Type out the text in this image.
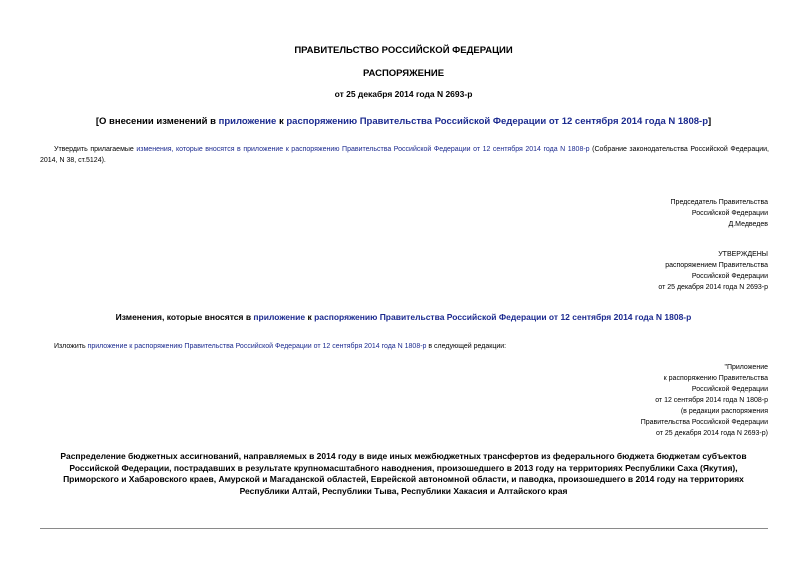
ПРАВИТЕЛЬСТВО РОССИЙСКОЙ ФЕДЕРАЦИИ
РАСПОРЯЖЕНИЕ
от 25 декабря 2014 года N 2693-р
[О внесении изменений в приложение к распоряжению Правительства Российской Федерации от 12 сентября 2014 года N 1808-р]
Утвердить прилагаемые изменения, которые вносятся в приложение к распоряжению Правительства Российской Федерации от 12 сентября 2014 года N 1808-р (Собрание законодательства Российской Федерации, 2014, N 38, ст.5124).
Председатель Правительства
Российской Федерации
Д.Медведев
УТВЕРЖДЕНЫ
распоряжением Правительства
Российской Федерации
от 25 декабря 2014 года N 2693-р
Изменения, которые вносятся в приложение к распоряжению Правительства Российской Федерации от 12 сентября 2014 года N 1808-р
Изложить приложение к распоряжению Правительства Российской Федерации от 12 сентября 2014 года N 1808-р в следующей редакции:
"Приложение
к распоряжению Правительства
Российской Федерации
от 12 сентября 2014 года N 1808-р
(в редакции распоряжения
Правительства Российской Федерации
от 25 декабря 2014 года N 2693-р)
Распределение бюджетных ассигнований, направляемых в 2014 году в виде иных межбюджетных трансфертов из федерального бюджета бюджетам субъектов
Российской Федерации, пострадавших в результате крупномасштабного наводнения, произошедшего в 2013 году на территориях Республики Саха (Якутия),
Приморского и Хабаровского краев, Амурской и Магаданской областей, Еврейской автономной области, и паводка, произошедшего в 2014 году на территориях
Республики Алтай, Республики Тыва, Республики Хакасия и Алтайского края
